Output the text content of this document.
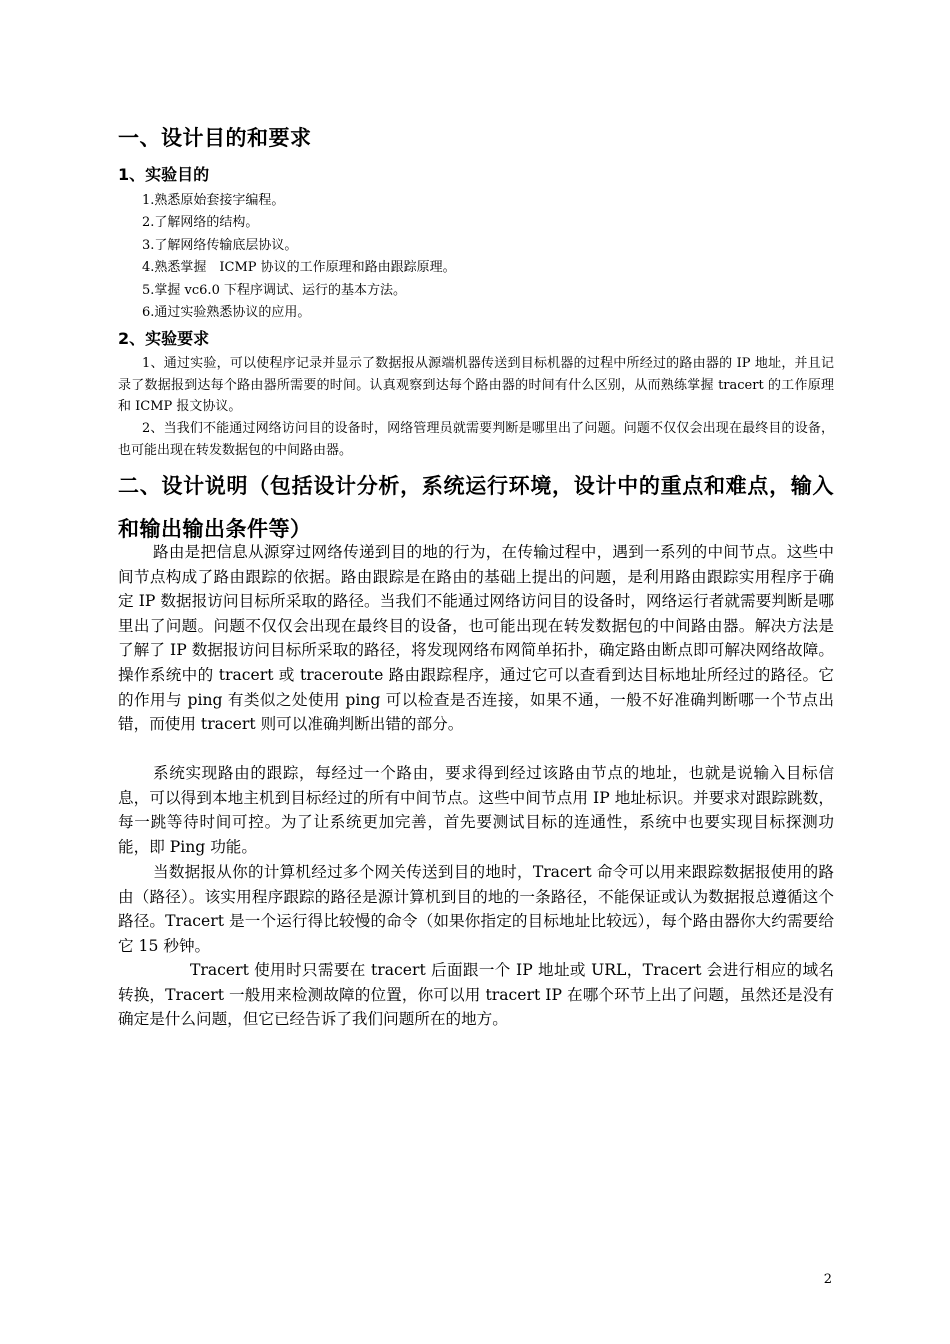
一、设计目的和要求
1、实验目的
1.熟悉原始套接字编程。
2.了解网络的结构。
3.了解网络传输底层协议。
4.熟悉掌握　ICMP 协议的工作原理和路由跟踪原理。
5.掌握 vc6.0 下程序调试、运行的基本方法。
6.通过实验熟悉协议的应用。
2、实验要求

1、通过实验，可以使程序记录并显示了数据报从源端机器传送到目标机器的过程中所经过的路由器的 IP 地址，并且记录了数据报到达每个路由器所需要的时间。认真观察到达每个路由器的时间有什么区别，从而熟练掌握 tracert 的工作原理和 ICMP 报文协议。

2、当我们不能通过网络访问目的设备时，网络管理员就需要判断是哪里出了问题。问题不仅仅会出现在最终目的设备，也可能出现在转发数据包的中间路由器。

二、设计说明（包括设计分析，系统运行环境，设计中的重点和难点，输入和输出输出条件等）

路由是把信息从源穿过网络传递到目的地的行为，在传输过程中，遇到一系列的中间节点。这些中间节点构成了路由跟踪的依据。路由跟踪是在路由的基础上提出的问题，是利用路由跟踪实用程序于确定 IP 数据报访问目标所采取的路径。当我们不能通过网络访问目的设备时，网络运行者就需要判断是哪里出了问题。问题不仅仅会出现在最终目的设备，也可能出现在转发数据包的中间路由器。解决方法是了解了 IP 数据报访问目标所采取的路径，将发现网络布网简单拓扑，确定路由断点即可解决网络故障。操作系统中的 tracert 或 traceroute 路由跟踪程序，通过它可以查看到达目标地址所经过的路径。它的作用与 ping 有类似之处使用 ping 可以检查是否连接，如果不通，一般不好准确判断哪一个节点出错，而使用 tracert 则可以准确判断出错的部分。

系统实现路由的跟踪，每经过一个路由，要求得到经过该路由节点的地址，也就是说输入目标信息，可以得到本地主机到目标经过的所有中间节点。这些中间节点用 IP 地址标识。并要求对跟踪跳数，每一跳等待时间可控。为了让系统更加完善，首先要测试目标的连通性，系统中也要实现目标探测功能，即 Ping 功能。

当数据报从你的计算机经过多个网关传送到目的地时，Tracert 命令可以用来跟踪数据报使用的路由（路径）。该实用程序跟踪的路径是源计算机到目的地的一条路径，不能保证或认为数据报总遵循这个路径。Tracert 是一个运行得比较慢的命令（如果你指定的目标地址比较远），每个路由器你大约需要给它 15 秒钟。

Tracert 使用时只需要在 tracert 后面跟一个 IP 地址或 URL，Tracert 会进行相应的域名转换，Tracert 一般用来检测故障的位置，你可以用 tracert IP 在哪个环节上出了问题，虽然还是没有确定是什么问题，但它已经告诉了我们问题所在的地方。

2
